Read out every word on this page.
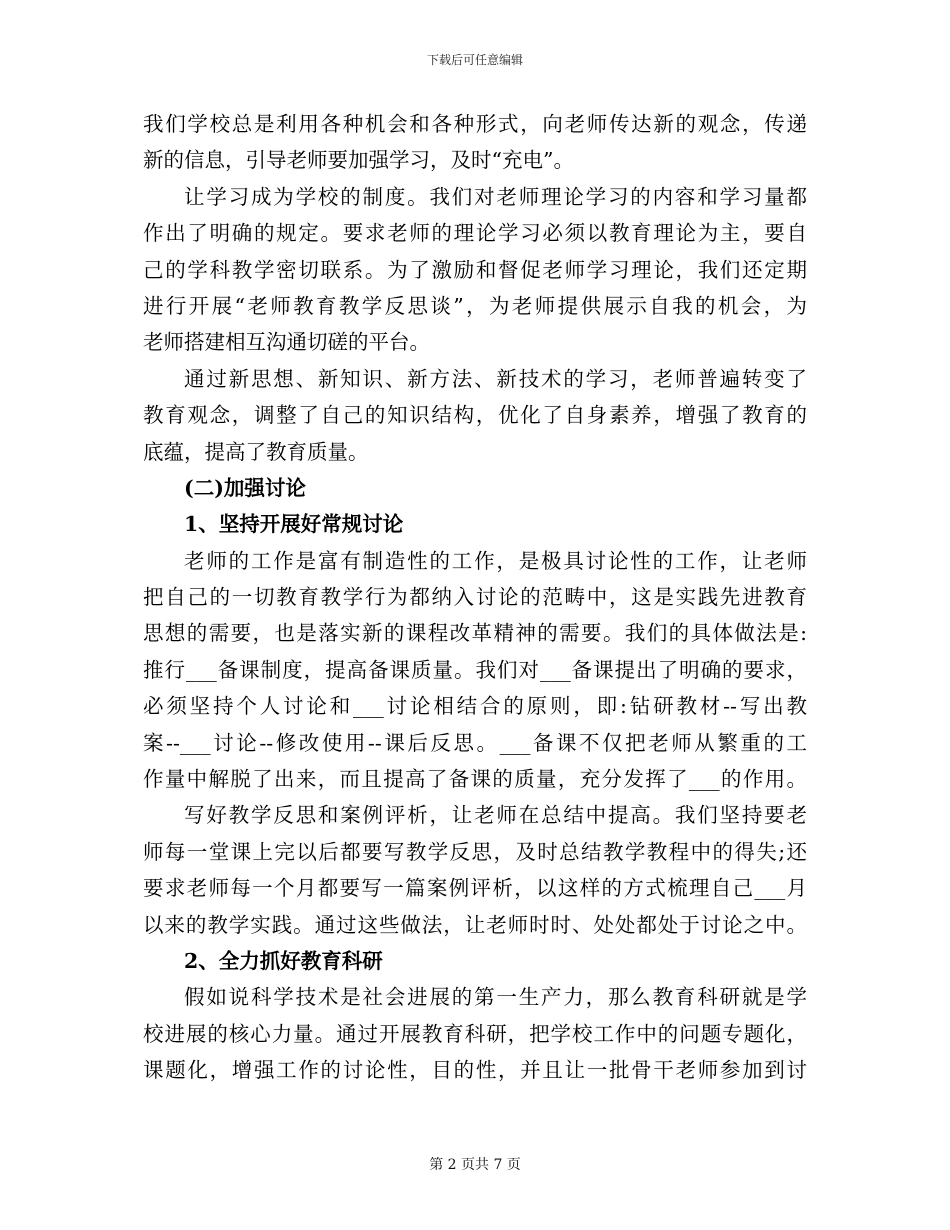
下载后可任意编辑
我们学校总是利用各种机会和各种形式，向老师传达新的观念，传递
新的信息，引导老师要加强学习，及时“充电”。
让学习成为学校的制度。我们对老师理论学习的内容和学习量都
作出了明确的规定。要求老师的理论学习必须以教育理论为主，要自
己的学科教学密切联系。为了激励和督促老师学习理论，我们还定期
进行开展“老师教育教学反思谈”，为老师提供展示自我的机会，为
老师搭建相互沟通切磋的平台。
通过新思想、新知识、新方法、新技术的学习，老师普遍转变了
教育观念，调整了自己的知识结构，优化了自身素养，增强了教育的
底蕴，提高了教育质量。
(二)加强讨论
1、坚持开展好常规讨论
老师的工作是富有制造性的工作，是极具讨论性的工作，让老师
把自己的一切教育教学行为都纳入讨论的范畴中，这是实践先进教育
思想的需要，也是落实新的课程改革精神的需要。我们的具体做法是:
推行___备课制度，提高备课质量。我们对___备课提出了明确的要求，
必须坚持个人讨论和___讨论相结合的原则，即:钻研教材--写出教
案--___讨论--修改使用--课后反思。___备课不仅把老师从繁重的工
作量中解脱了出来，而且提高了备课的质量，充分发挥了___的作用。
写好教学反思和案例评析，让老师在总结中提高。我们坚持要老
师每一堂课上完以后都要写教学反思，及时总结教学教程中的得失;还
要求老师每一个月都要写一篇案例评析，以这样的方式梳理自己___月
以来的教学实践。通过这些做法，让老师时时、处处都处于讨论之中。
2、全力抓好教育科研
假如说科学技术是社会进展的第一生产力，那么教育科研就是学
校进展的核心力量。通过开展教育科研，把学校工作中的问题专题化，
课题化，增强工作的讨论性，目的性，并且让一批骨干老师参加到讨
第 2 页共 7 页
